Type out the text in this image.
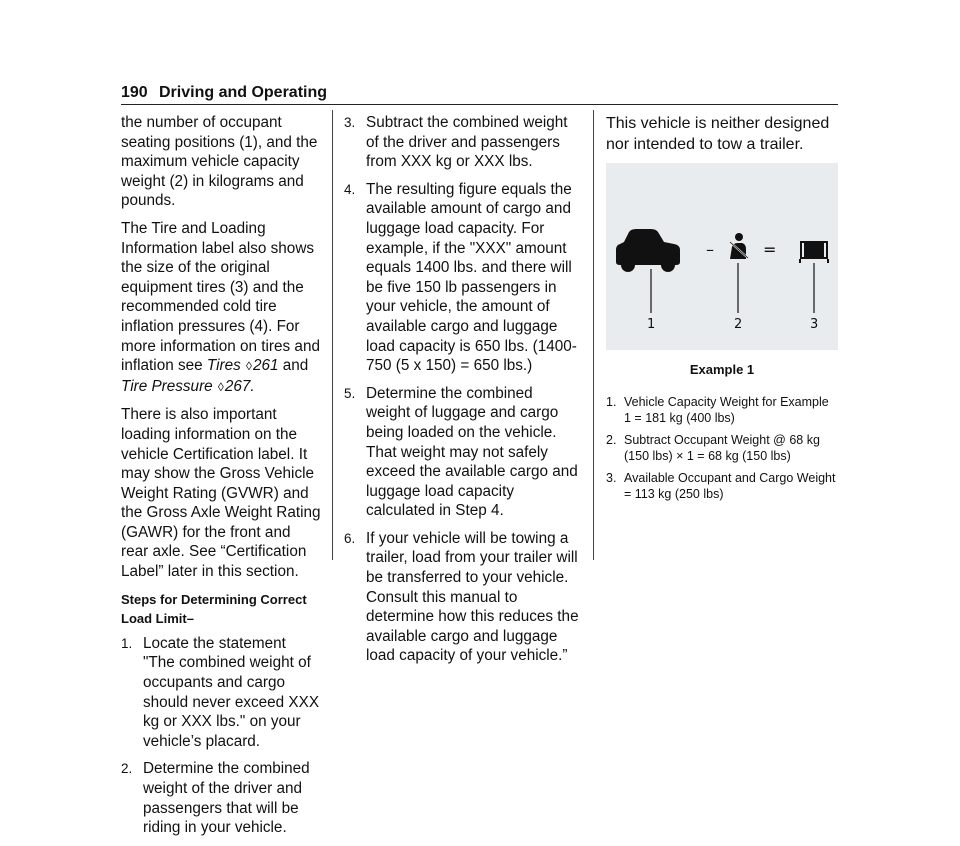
190 Driving and Operating

the number of occupant seating positions (1), and the maximum vehicle capacity weight (2) in kilograms and pounds.

The Tire and Loading Information label also shows the size of the original equipment tires (3) and the recommended cold tire inflation pressures (4). For more information on tires and inflation see Tires ◊261 and Tire Pressure ◊267.

There is also important loading information on the vehicle Certification label. It may show the Gross Vehicle Weight Rating (GVWR) and the Gross Axle Weight Rating (GAWR) for the front and rear axle. See “Certification Label” later in this section.

Steps for Determining Correct Load Limit–
1. Locate the statement "The combined weight of occupants and cargo should never exceed XXX kg or XXX lbs." on your vehicle’s placard.
2. Determine the combined weight of the driver and passengers that will be riding in your vehicle.
3. Subtract the combined weight of the driver and passengers from XXX kg or XXX lbs.
4. The resulting figure equals the available amount of cargo and luggage load capacity. For example, if the "XXX" amount equals 1400 lbs. and there will be five 150 lb passengers in your vehicle, the amount of available cargo and luggage load capacity is 650 lbs. (1400-750 (5 x 150) = 650 lbs.)
5. Determine the combined weight of luggage and cargo being loaded on the vehicle. That weight may not safely exceed the available cargo and luggage load capacity calculated in Step 4.
6. If your vehicle will be towing a trailer, load from your trailer will be transferred to your vehicle. Consult this manual to determine how this reduces the available cargo and luggage load capacity of your vehicle.”

This vehicle is neither designed nor intended to tow a trailer.

–	=
1	2	3
Example 1
1. Vehicle Capacity Weight for Example 1 = 181 kg (400 lbs)
2. Subtract Occupant Weight @ 68 kg (150 lbs) × 1 = 68 kg (150 lbs)
3. Available Occupant and Cargo Weight = 113 kg (250 lbs)
